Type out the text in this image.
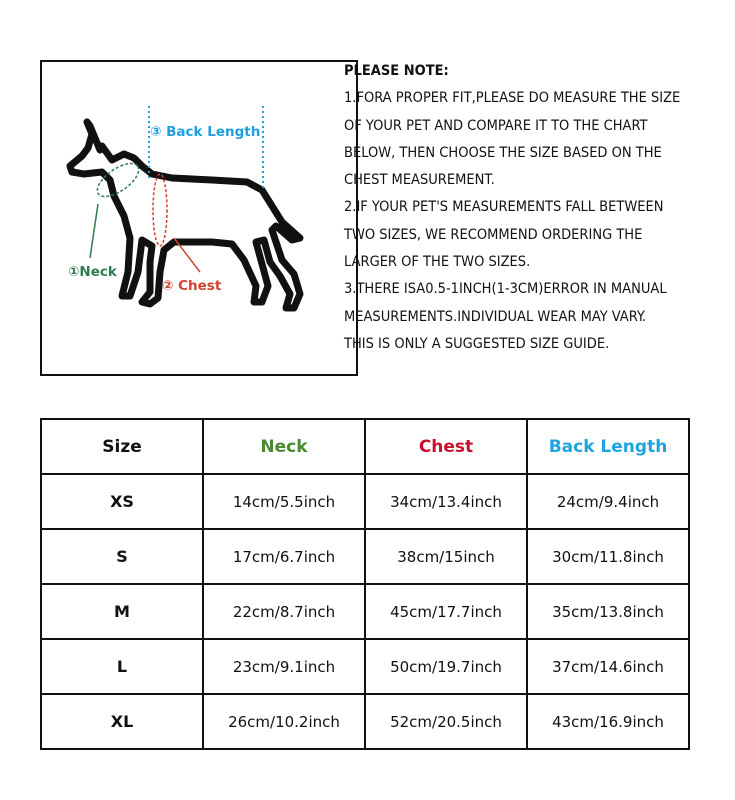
③ Back Length
①Neck
② Chest

PLEASE NOTE:

1.FORA PROPER FIT,PLEASE DO MEASURE THE SIZE

OF YOUR PET AND COMPARE IT TO THE CHART

BELOW, THEN CHOOSE THE SIZE BASED ON THE

CHEST MEASUREMENT.

2.IF YOUR PET'S MEASUREMENTS FALL BETWEEN

TWO SIZES, WE RECOMMEND ORDERING THE

LARGER OF THE TWO SIZES.

3.THERE ISA0.5-1INCH(1-3CM)ERROR IN MANUAL

MEASUREMENTS.INDIVIDUAL WEAR MAY VARY.

THIS IS ONLY A SUGGESTED SIZE GUIDE.

Size	Neck	Chest	Back Length
XS	14cm/5.5inch	34cm/13.4inch	24cm/9.4inch
S	17cm/6.7inch	38cm/15inch	30cm/11.8inch
M	22cm/8.7inch	45cm/17.7inch	35cm/13.8inch
L	23cm/9.1inch	50cm/19.7inch	37cm/14.6inch
XL	26cm/10.2inch	52cm/20.5inch	43cm/16.9inch
